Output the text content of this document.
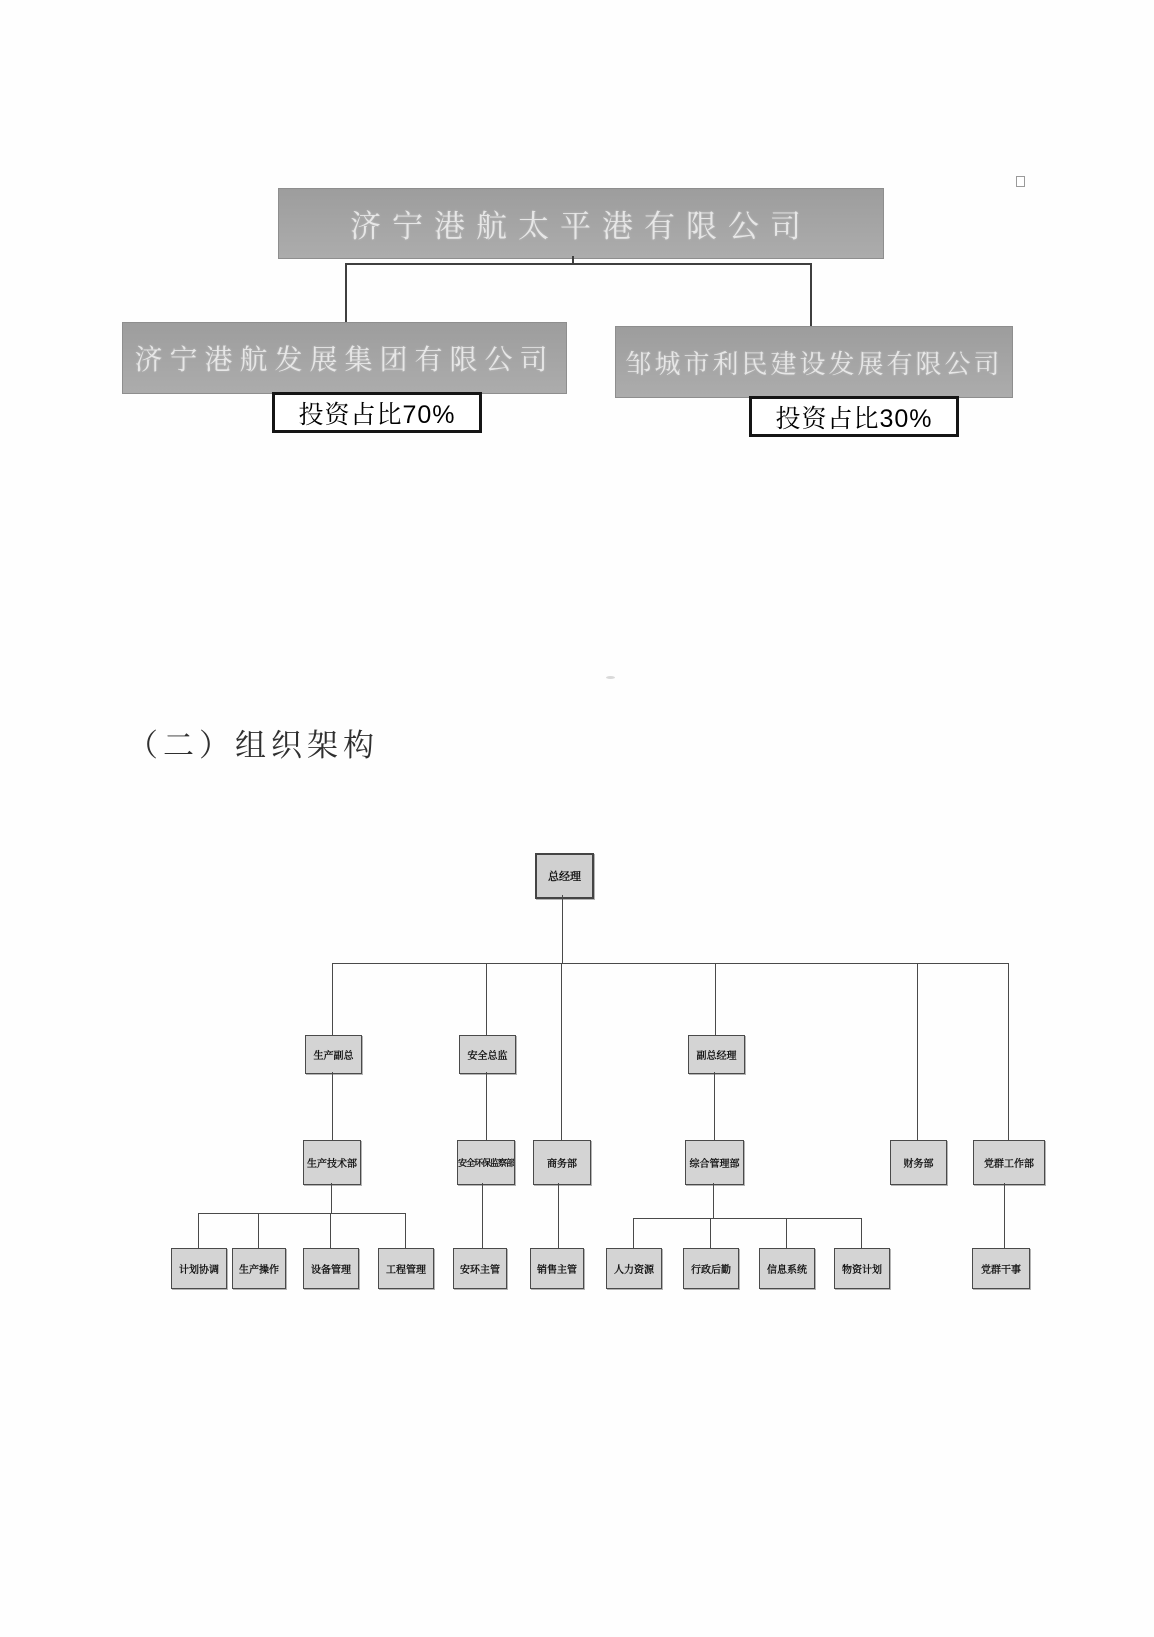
济宁港航太平港有限公司
济宁港航发展集团有限公司	邹城市利民建设发展有限公司
投资占比70%	投资占比30%
（二）组织架构
总经理
生产副总	安全总监	副总经理
生产技术部	安全环保监察部	商务部	综合管理部	财务部	党群工作部
计划协调	生产操作	设备管理	工程管理	安环主管	销售主管	人力资源	行政后勤	信息系统	物资计划	党群干事
